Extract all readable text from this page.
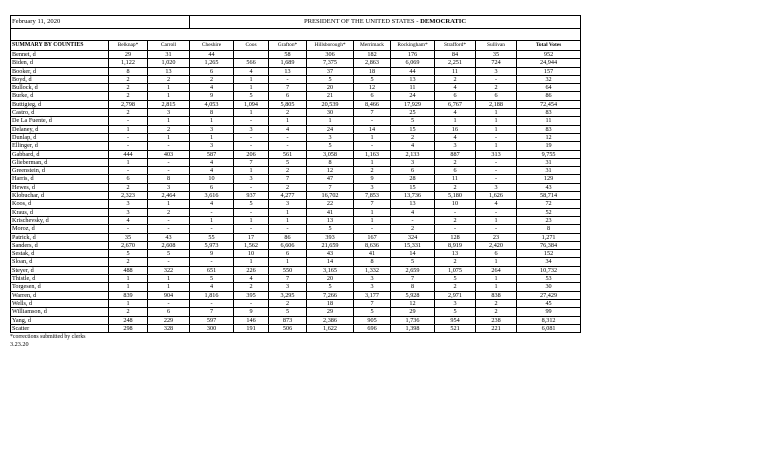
February 11, 2020			PRESIDENT OF THE UNITED STATES - DEMOCRATIC								

SUMMARY BY COUNTIES	Belknap*	Carroll	Cheshire	Coos	Grafton*	Hillsborough*	Merrimack	Rockingham*	Strafford*	Sullivan	Total Votes
Bennet, d	29	31	44		58	306	182	176	84	35	952
Biden, d	1,122	1,020	1,265	566	1,689	7,375	2,863	6,069	2,251	724	24,944
Booker, d	8	13	6	4	13	37	18	44	11	3	157
Boyd, d	2	2	2	1	-	5	5	13	2	-	32
Bullock, d	2	1	4	1	7	20	12	11	4	2	64
Burke, d	2	1	9	5	6	21	6	24	6	6	86
Buttigieg, d	2,798	2,815	4,053	1,094	5,805	20,539	8,466	17,929	6,767	2,188	72,454
Castro, d	2	3	8	1	2	30	7	25	4	1	83
De La Fuente, d	-	1	1	-	1	1	-	5	1	1	11
Delaney, d	1	2	3	3	4	24	14	15	16	1	83
Dunlap, d	-	1	1	-	-	3	1	2	4	-	12
Ellinger, d	-	-	3	-	-	5	-	4	3	1	19
Gabbard, d	444	403	587	206	561	3,058	1,163	2,133	887	313	9,755
Glieberman, d	1	-	4	7	5	8	1	3	2	-	31
Greenstein, d	-	-	4	1	2	12	2	6	6	-	31
Harris, d	6	8	10	3	7	47	9	28	11	-	129
Hewes, d	2	3	6	-	2	7	3	15	2	3	43
Klobuchar, d	2,323	2,464	3,616	937	4,277	16,702	7,853	13,736	5,180	1,626	58,714
Koos, d	3	1	4	5	3	22	7	13	10	4	72
Kraus, d	3	2	-	-	1	41	1	4	-	-	52
Krischevsky, d	4	-	1	1	1	13	1	-	2	1	23
Moroz, d	-	-	-	-	-	5	-	2	-	-	8
Patrick, d	35	43	55	17	86	393	167	324	128	23	1,271
Sanders, d	2,670	2,608	5,973	1,562	6,606	21,659	8,636	15,331	8,919	2,420	76,384
Sestak, d	5	5	9	10	6	43	41	14	13	6	152
Sloan, d	2	-	-	1	1	14	8	5	2	1	34
Steyer, d	488	322	651	226	550	3,165	1,332	2,659	1,075	264	10,732
Thistle, d	1	1	5	4	7	20	3	7	5	1	53
Torgesen, d	1	1	4	2	3	5	3	8	2	1	30
Warren, d	839	904	1,816	395	3,295	7,266	3,177	5,928	2,971	838	27,429
Wells, d	1	-	-	-	2	18	7	12	3	2	45
Williamson, d	2	6	7	9	5	29	5	29	5	2	99
Yang, d	248	229	597	146	873	2,386	905	1,736	954	238	8,312
Scatter	298	328	300	191	506	1,622	696	1,398	521	221	6,081
*corrections submitted by clerks
3.23.20
